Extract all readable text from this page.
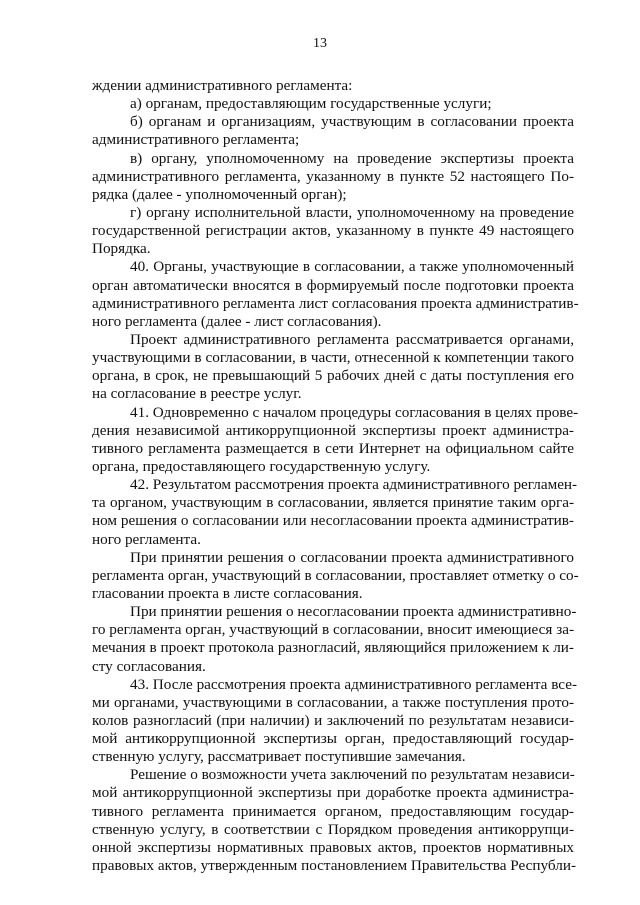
13
ждении административного регламента:
а) органам, предоставляющим государственные услуги;
б) органам и организациям, участвующим в согласовании проекта
административного регламента;
в) органу, уполномоченному на проведение экспертизы проекта
административного регламента, указанному в пункте 52 настоящего По-
рядка (далее - уполномоченный орган);
г) органу исполнительной власти, уполномоченному на проведение
государственной регистрации актов, указанному в пункте 49 настоящего
Порядка.
40. Органы, участвующие в согласовании, а также уполномоченный
орган автоматически вносятся в формируемый после подготовки проекта
административного регламента лист согласования проекта административ-
ного регламента (далее - лист согласования).
Проект административного регламента рассматривается органами,
участвующими в согласовании, в части, отнесенной к компетенции такого
органа, в срок, не превышающий 5 рабочих дней с даты поступления его
на согласование в реестре услуг.
41. Одновременно с началом процедуры согласования в целях прове-
дения независимой антикоррупционной экспертизы проект администра-
тивного регламента размещается в сети Интернет на официальном сайте
органа, предоставляющего государственную услугу.
42. Результатом рассмотрения проекта административного регламен-
та органом, участвующим в согласовании, является принятие таким орга-
ном решения о согласовании или несогласовании проекта административ-
ного регламента.
При принятии решения о согласовании проекта административного
регламента орган, участвующий в согласовании, проставляет отметку о со-
гласовании проекта в листе согласования.
При принятии решения о несогласовании проекта административно-
го регламента орган, участвующий в согласовании, вносит имеющиеся за-
мечания в проект протокола разногласий, являющийся приложением к ли-
сту согласования.
43. После рассмотрения проекта административного регламента все-
ми органами, участвующими в согласовании, а также поступления прото-
колов разногласий (при наличии) и заключений по результатам независи-
мой антикоррупционной экспертизы орган, предоставляющий государ-
ственную услугу, рассматривает поступившие замечания.
Решение о возможности учета заключений по результатам независи-
мой антикоррупционной экспертизы при доработке проекта администра-
тивного регламента принимается органом, предоставляющим государ-
ственную услугу, в соответствии с Порядком проведения антикоррупци-
онной экспертизы нормативных правовых актов, проектов нормативных
правовых актов, утвержденным постановлением Правительства Республи-
